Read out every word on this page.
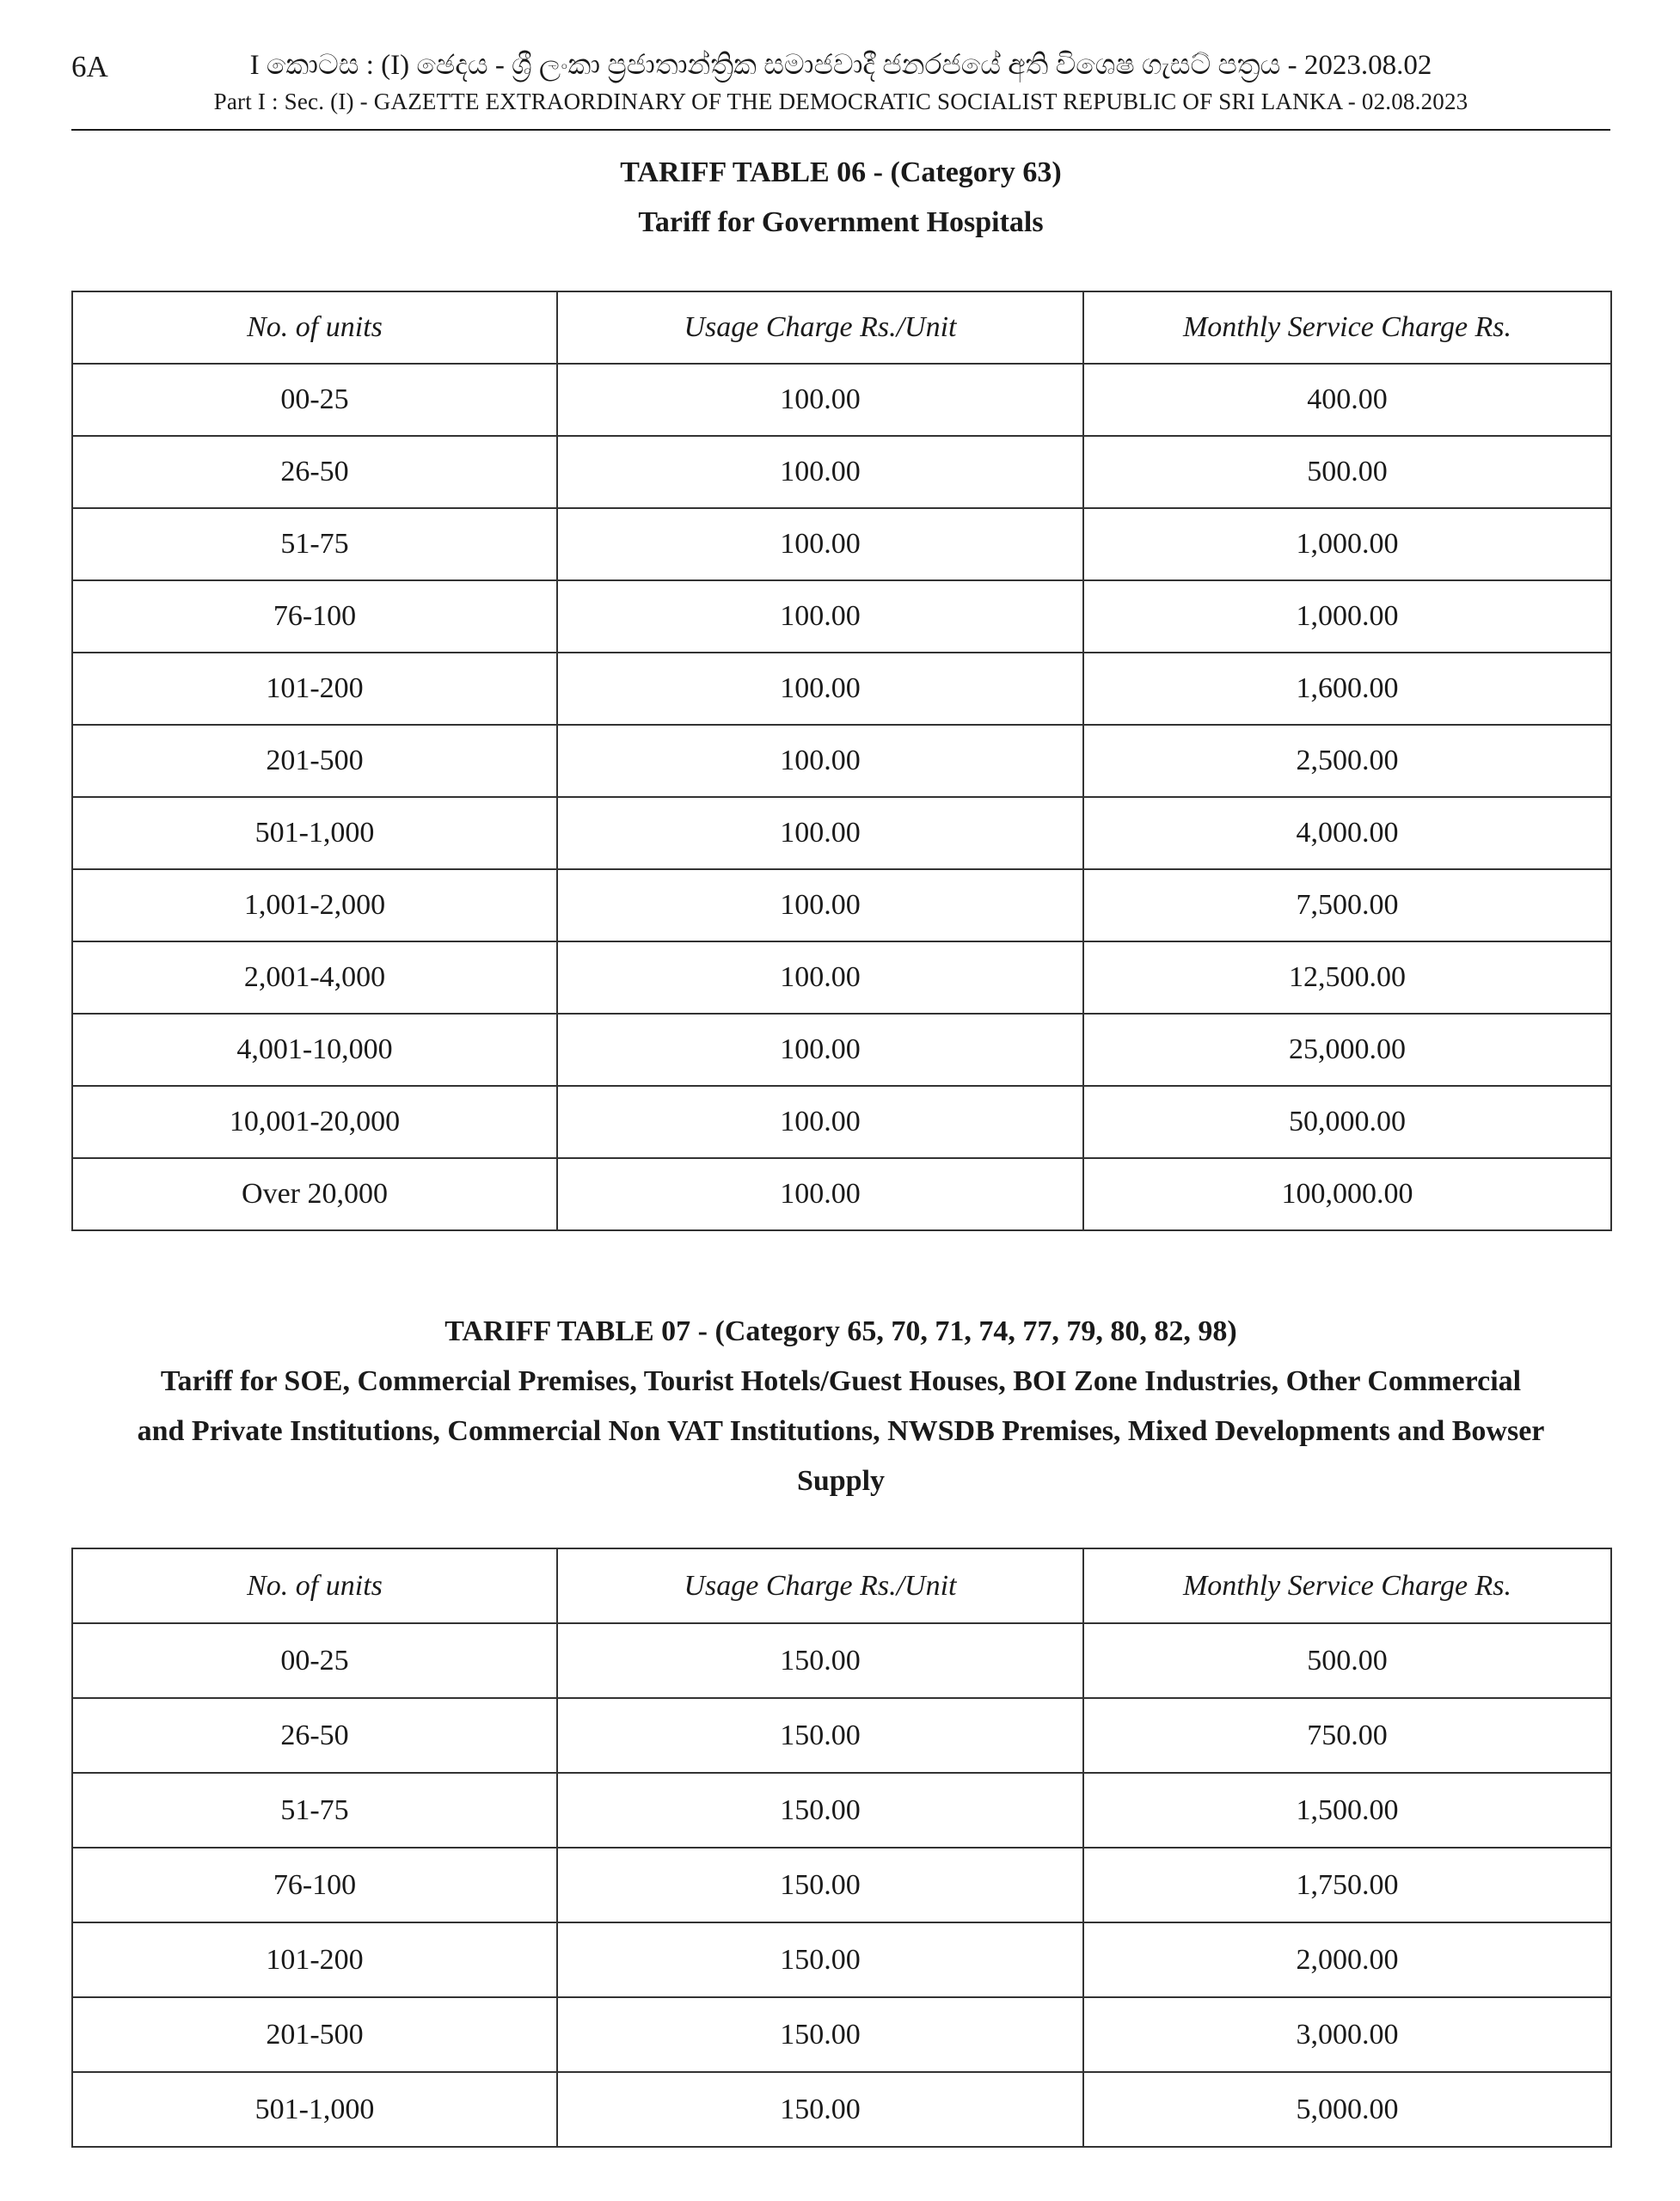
6A	I කොටස : (I) ඡෙදය - ශ්‍රී ලංකා ප්‍රජාතාන්ත්‍රික සමාජවාදී ජනරජයේ අති විශෙෂ ගැසට් පත්‍රය - 2023.08.02
Part I : Sec. (I) - GAZETTE EXTRAORDINARY OF THE DEMOCRATIC SOCIALIST REPUBLIC OF SRI LANKA - 02.08.2023
TARIFF TABLE 06 - (Category 63)
Tariff for Government Hospitals
No. of units	Usage Charge Rs./Unit	Monthly Service Charge Rs.
00-25	100.00	400.00
26-50	100.00	500.00
51-75	100.00	1,000.00
76-100	100.00	1,000.00
101-200	100.00	1,600.00
201-500	100.00	2,500.00
501-1,000	100.00	4,000.00
1,001-2,000	100.00	7,500.00
2,001-4,000	100.00	12,500.00
4,001-10,000	100.00	25,000.00
10,001-20,000	100.00	50,000.00
Over 20,000	100.00	100,000.00
TARIFF TABLE 07 - (Category 65, 70, 71, 74, 77, 79, 80, 82, 98)
Tariff for SOE, Commercial Premises, Tourist Hotels/Guest Houses, BOI Zone Industries, Other Commercial
and Private Institutions, Commercial Non VAT Institutions, NWSDB Premises, Mixed Developments and Bowser
Supply
No. of units	Usage Charge Rs./Unit	Monthly Service Charge Rs.
00-25	150.00	500.00
26-50	150.00	750.00
51-75	150.00	1,500.00
76-100	150.00	1,750.00
101-200	150.00	2,000.00
201-500	150.00	3,000.00
501-1,000	150.00	5,000.00
